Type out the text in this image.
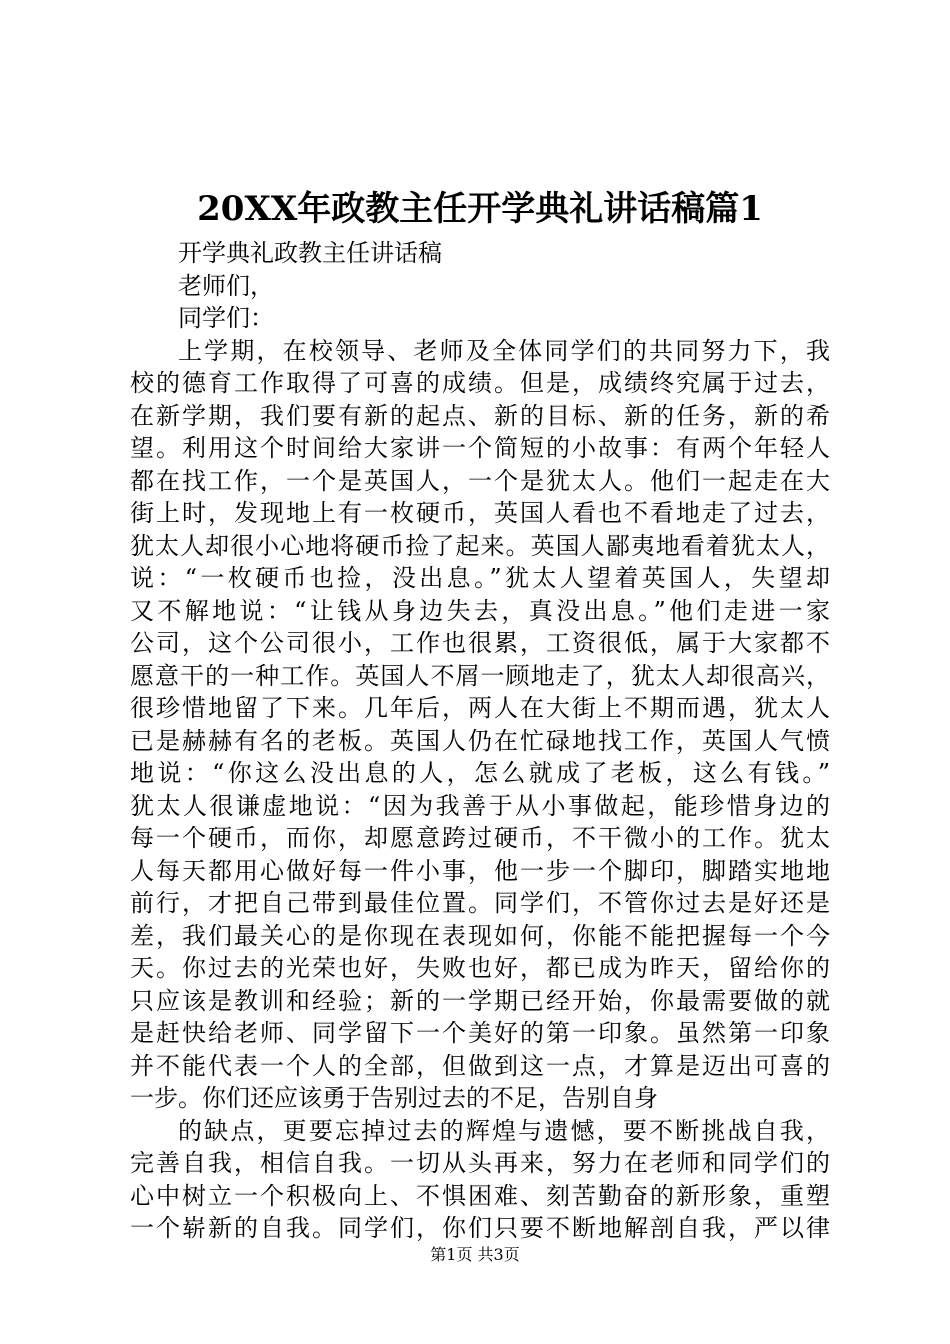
20XX年政教主任开学典礼讲话稿篇1
开学典礼政教主任讲话稿
老师们，
同学们：
上学期，在校领导、老师及全体同学们的共同努力下，我
校的德育工作取得了可喜的成绩。但是，成绩终究属于过去，
在新学期，我们要有新的起点、新的目标、新的任务，新的希
望。利用这个时间给大家讲一个简短的小故事：有两个年轻人
都在找工作，一个是英国人，一个是犹太人。他们一起走在大
街上时，发现地上有一枚硬币，英国人看也不看地走了过去，
犹太人却很小心地将硬币捡了起来。英国人鄙夷地看着犹太人，
说：“一枚硬币也捡，没出息。”犹太人望着英国人，失望却
又不解地说：“让钱从身边失去，真没出息。”他们走进一家
公司，这个公司很小，工作也很累，工资很低，属于大家都不
愿意干的一种工作。英国人不屑一顾地走了，犹太人却很高兴，
很珍惜地留了下来。几年后，两人在大街上不期而遇，犹太人
已是赫赫有名的老板。英国人仍在忙碌地找工作，英国人气愤
地说：“你这么没出息的人，怎么就成了老板，这么有钱。”
犹太人很谦虚地说：“因为我善于从小事做起，能珍惜身边的
每一个硬币，而你，却愿意跨过硬币，不干微小的工作。犹太
人每天都用心做好每一件小事，他一步一个脚印，脚踏实地地
前行，才把自己带到最佳位置。同学们，不管你过去是好还是
差，我们最关心的是你现在表现如何，你能不能把握每一个今
天。你过去的光荣也好，失败也好，都已成为昨天，留给你的
只应该是教训和经验；新的一学期已经开始，你最需要做的就
是赶快给老师、同学留下一个美好的第一印象。虽然第一印象
并不能代表一个人的全部，但做到这一点，才算是迈出可喜的
一步。你们还应该勇于告别过去的不足，告别自身
的缺点，更要忘掉过去的辉煌与遗憾，要不断挑战自我，
完善自我，相信自我。一切从头再来，努力在老师和同学们的
心中树立一个积极向上、不惧困难、刻苦勤奋的新形象，重塑
一个崭新的自我。同学们，你们只要不断地解剖自我，严以律
第1页 共3页
